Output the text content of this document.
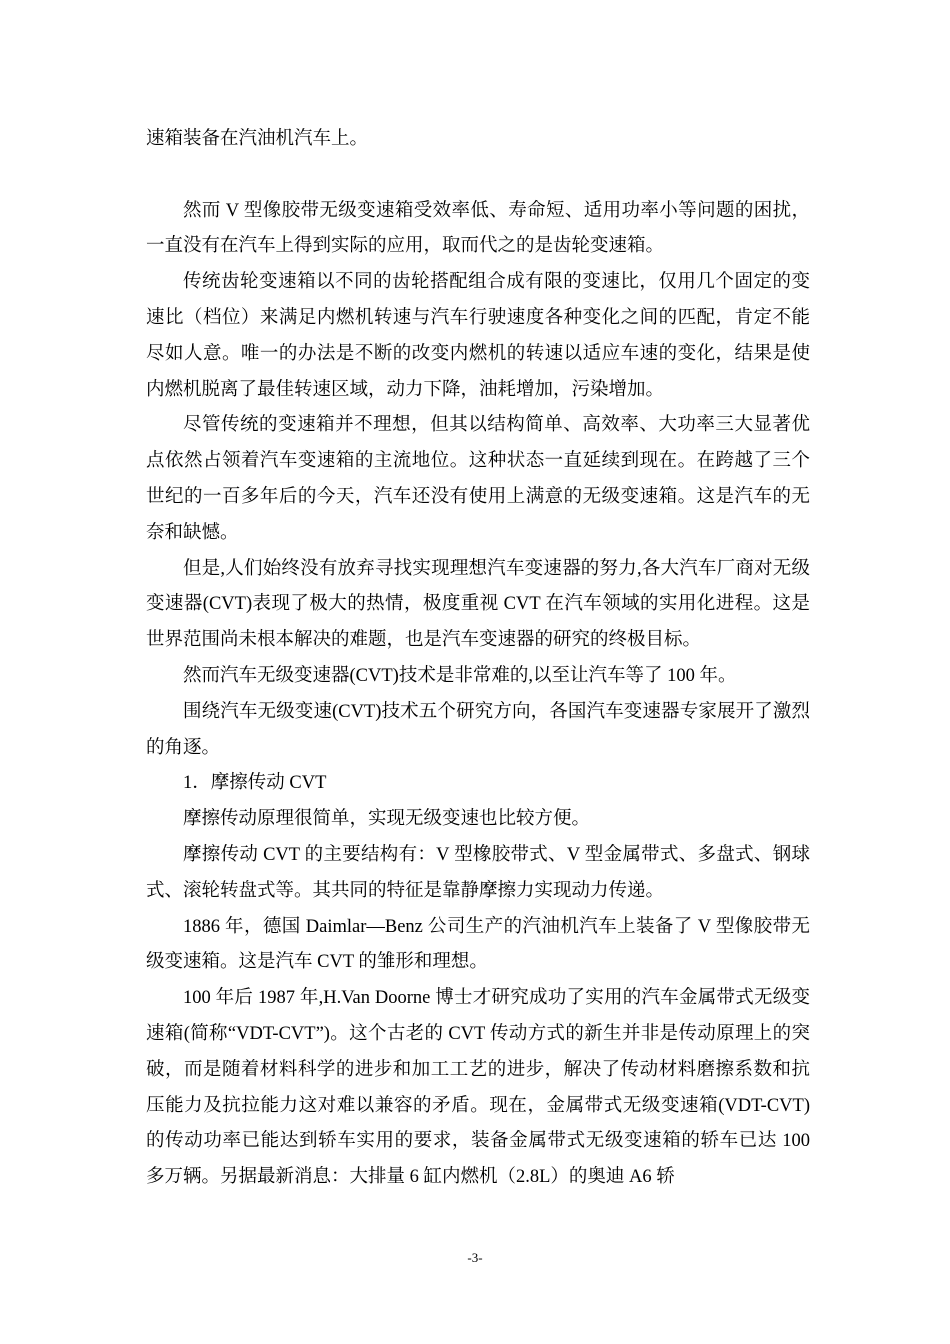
速箱装备在汽油机汽车上。

然而 V 型像胶带无级变速箱受效率低、寿命短、适用功率小等问题的困扰，一直没有在汽车上得到实际的应用，取而代之的是齿轮变速箱。

传统齿轮变速箱以不同的齿轮搭配组合成有限的变速比，仅用几个固定的变速比（档位）来满足内燃机转速与汽车行驶速度各种变化之间的匹配，肯定不能尽如人意。唯一的办法是不断的改变内燃机的转速以适应车速的变化，结果是使内燃机脱离了最佳转速区域，动力下降，油耗增加，污染增加。

尽管传统的变速箱并不理想，但其以结构简单、高效率、大功率三大显著优点依然占领着汽车变速箱的主流地位。这种状态一直延续到现在。在跨越了三个世纪的一百多年后的今天，汽车还没有使用上满意的无级变速箱。这是汽车的无奈和缺憾。

但是,人们始终没有放弃寻找实现理想汽车变速器的努力,各大汽车厂商对无级变速器(CVT)表现了极大的热情，极度重视 CVT 在汽车领域的实用化进程。这是世界范围尚未根本解决的难题，也是汽车变速器的研究的终极目标。

然而汽车无级变速器(CVT)技术是非常难的,以至让汽车等了 100 年。

围绕汽车无级变速(CVT)技术五个研究方向，各国汽车变速器专家展开了激烈的角逐。

1．摩擦传动 CVT

摩擦传动原理很简单，实现无级变速也比较方便。

摩擦传动 CVT 的主要结构有：V 型橡胶带式、V 型金属带式、多盘式、钢球式、滚轮转盘式等。其共同的特征是靠静摩擦力实现动力传递。

1886 年，德国 Daimlar—Benz 公司生产的汽油机汽车上装备了 V 型像胶带无级变速箱。这是汽车 CVT 的雏形和理想。

100 年后 1987 年,H.Van Doorne 博士才研究成功了实用的汽车金属带式无级变速箱(简称“VDT-CVT”)。这个古老的 CVT 传动方式的新生并非是传动原理上的突破，而是随着材料科学的进步和加工工艺的进步，解决了传动材料磨擦系数和抗压能力及抗拉能力这对难以兼容的矛盾。现在，金属带式无级变速箱(VDT-CVT)的传动功率已能达到轿车实用的要求，装备金属带式无级变速箱的轿车已达 100 多万辆。另据最新消息：大排量 6 缸内燃机（2.8L）的奥迪 A6 轿

-3-
